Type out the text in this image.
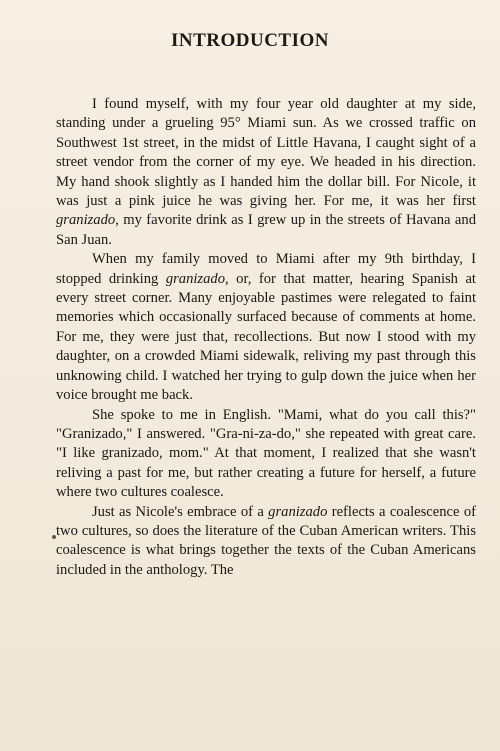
INTRODUCTION

I found myself, with my four year old daughter at my side, standing under a grueling 95° Miami sun. As we crossed traffic on Southwest 1st street, in the midst of Little Havana, I caught sight of a street vendor from the corner of my eye. We headed in his direction. My hand shook slightly as I handed him the dollar bill. For Nicole, it was just a pink juice he was giving her. For me, it was her first granizado, my favorite drink as I grew up in the streets of Havana and San Juan.

When my family moved to Miami after my 9th birthday, I stopped drinking granizado, or, for that matter, hearing Spanish at every street corner. Many enjoyable pastimes were relegated to faint memories which occasionally surfaced because of comments at home. For me, they were just that, recollections. But now I stood with my daughter, on a crowded Miami sidewalk, reliving my past through this unknowing child. I watched her trying to gulp down the juice when her voice brought me back.

She spoke to me in English. "Mami, what do you call this?" "Granizado," I answered. "Gra-ni-za-do," she repeated with great care. "I like granizado, mom." At that moment, I realized that she wasn't reliving a past for me, but rather creating a future for herself, a future where two cultures coalesce.

Just as Nicole's embrace of a granizado reflects a coalescence of two cultures, so does the literature of the Cuban American writers. This coalescence is what brings together the texts of the Cuban Americans included in the anthology. The
